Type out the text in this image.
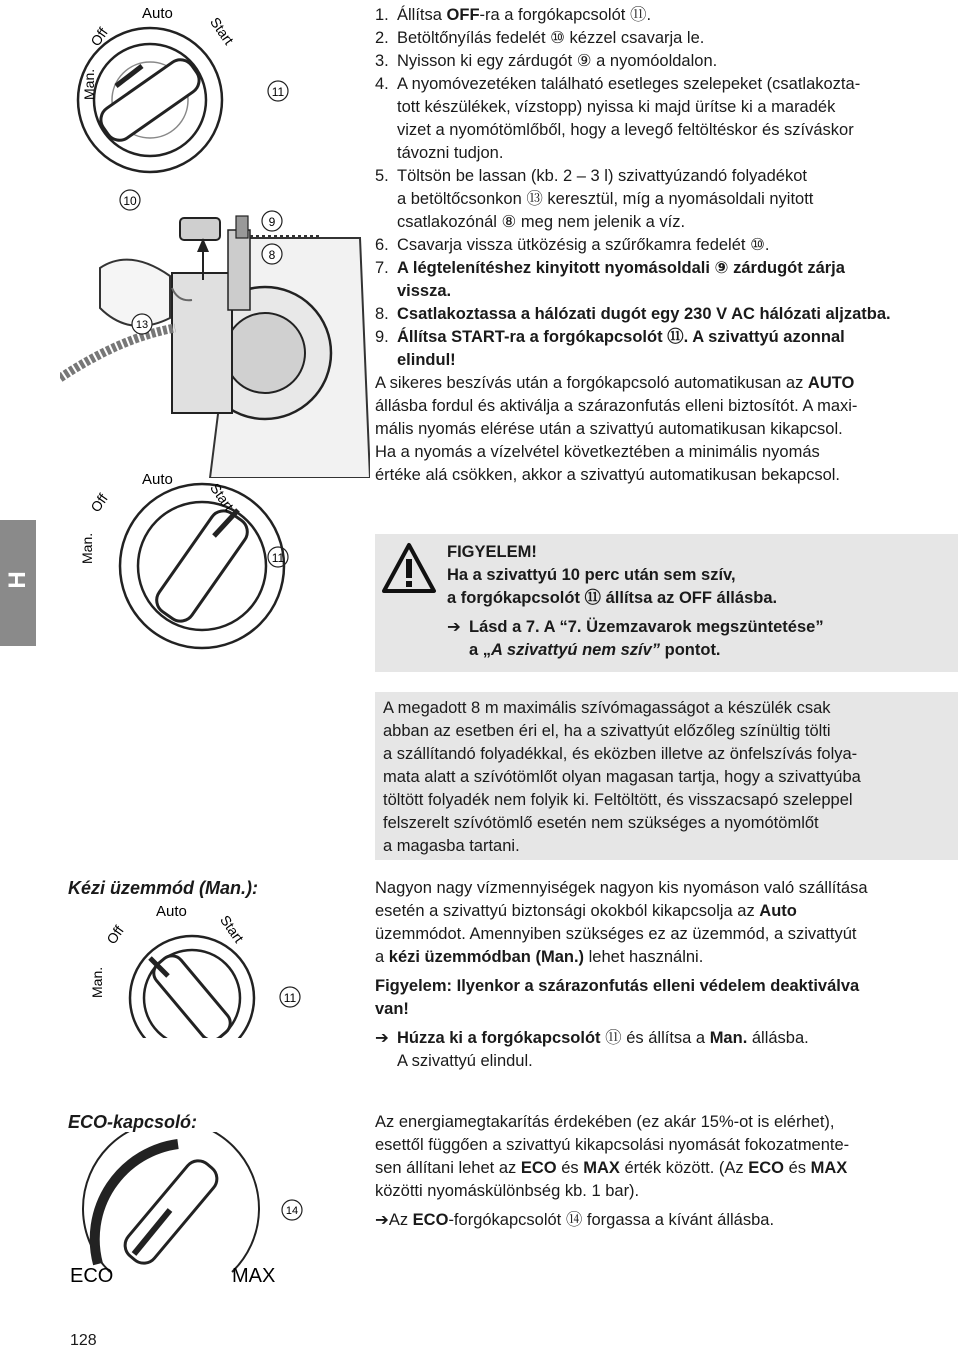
H
Auto
Off	Start
Man.	11
10
9
8
13
Auto
Off	Start
Man.	11
1. Állítsa OFF-ra a forgókapcsolót ⑪.
2. Betöltőnyílás fedelét ⑩ kézzel csavarja le.
3. Nyisson ki egy zárdugót ⑨ a nyomóoldalon.
4. A nyomóvezetéken található esetleges szelepeket (csatlakozta-
tott készülékek, vízstopp) nyissa ki majd ürítse ki a maradék
vizet a nyomótömlőből, hogy a levegő feltöltéskor és szíváskor
távozni tudjon.
5. Töltsön be lassan (kb. 2 – 3 l) szivattyúzandó folyadékot
a betöltőcsonkon ⑬ keresztül, míg a nyomásoldali nyitott
csatlakozónál ⑧ meg nem jelenik a víz.
6. Csavarja vissza ütközésig a szűrőkamra fedelét ⑩.
7. A légtelenítéshez kinyitott nyomásoldali ⑨ zárdugót zárja
vissza.
8. Csatlakoztassa a hálózati dugót egy 230 V AC hálózati aljzatba.
9. Állítsa START-ra a forgókapcsolót ⑪. A szivattyú azonnal
elindul!

A sikeres beszívás után a forgókapcsoló automatikusan az AUTO
állásba fordul és aktiválja a szárazonfutás elleni biztosítót. A maxi-
mális nyomás elérése után a szivattyú automatikusan kikapcsol.
Ha a nyomás a vízelvétel következtében a minimális nyomás
értéke alá csökken, akkor a szivattyú automatikusan bekapcsol.

FIGYELEM!
Ha a szivattyú 10 perc után sem szív,
a forgókapcsolót ⑪ állítsa az OFF állásba.
➔ Lásd a 7. A “7. Üzemzavarok megszüntetése”
a „A szivattyú nem szív” pontot.
A megadott 8 m maximális szívómagasságot a készülék csak
abban az esetben éri el, ha a szivattyút előzőleg színültig tölti
a szállítandó folyadékkal, és eközben illetve az önfelszívás folya-
mata alatt a szívótömlőt olyan magasan tartja, hogy a szivattyúba
töltött folyadék nem folyik ki. Feltöltött, és visszacsapó szeleppel
felszerelt szívótömlő esetén nem szükséges a nyomótömlőt
a magasba tartani.
Kézi üzemmód (Man.):
Auto
Off	Start
Man.	11

Nagyon nagy vízmennyiségek nagyon kis nyomáson való szállítása
esetén a szivattyú biztonsági okokból kikapcsolja az Auto
üzemmódot. Amennyiben szükséges ez az üzemmód, a szivattyút
a kézi üzemmódban (Man.) lehet használni.

Figyelem: Ilyenkor a szárazonfutás elleni védelem deaktiválva
van!

➔ Húzza ki a forgókapcsolót ⑪ és állítsa a Man. állásba.

A szivattyú elindul.

ECO-kapcsoló:
ECO	MAX
14

Az energiamegtakarítás érdekében (ez akár 15%-ot is elérhet),
esettől függően a szivattyú kikapcsolási nyomását fokozatmente-
sen állítani lehet az ECO és MAX érték között. (Az ECO és MAX
közötti nyomáskülönbség kb. 1 bar).

➔Az ECO-forgókapcsolót ⑭ forgassa a kívánt állásba.

128
